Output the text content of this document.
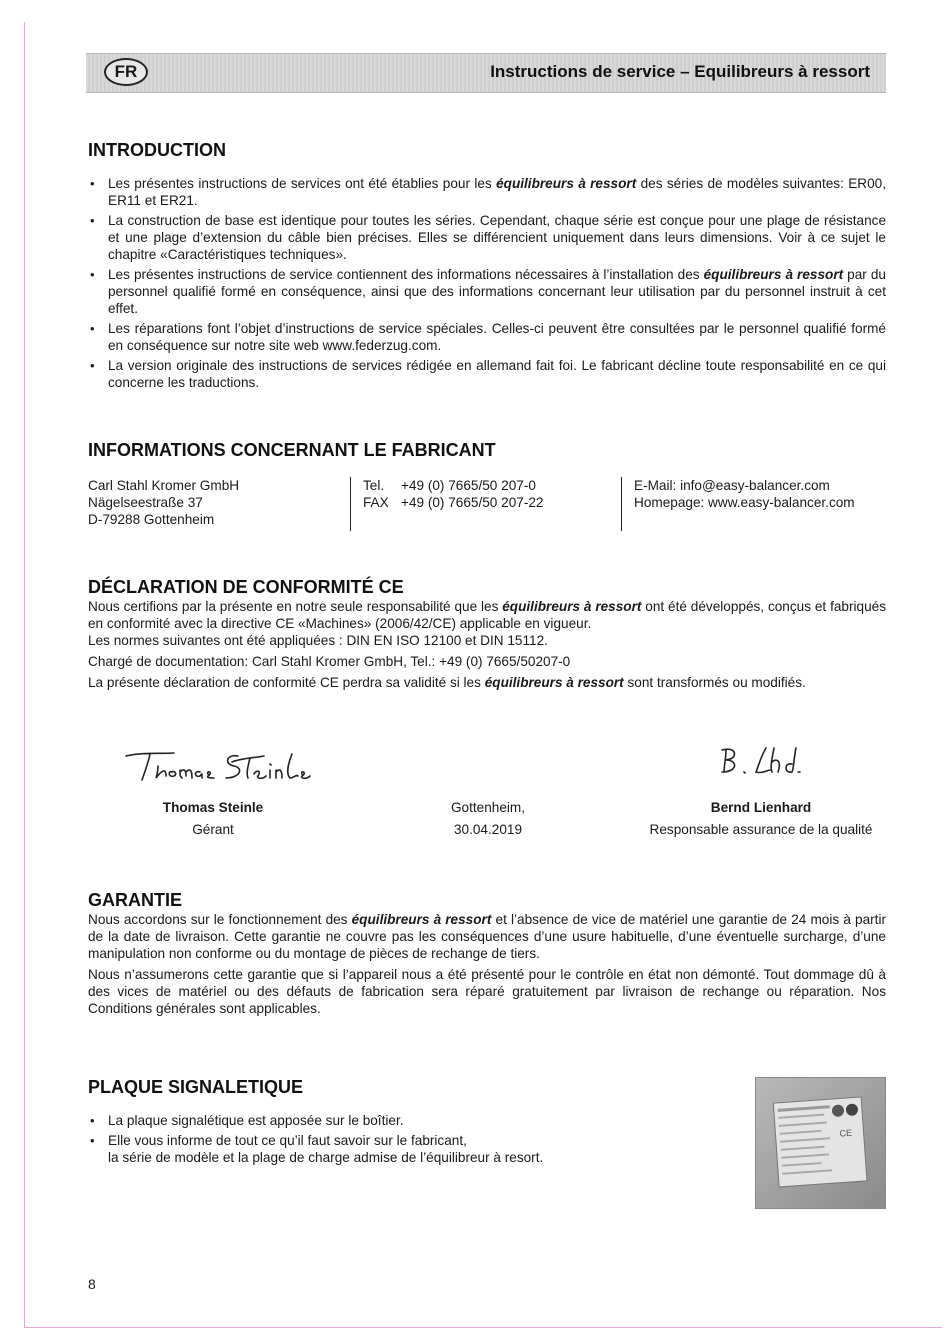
FR	Instructions de service – Equilibreurs à ressort
INTRODUCTION
• Les présentes instructions de services ont été établies pour les équilibreurs à ressort des séries de modèles suivantes: ER00, ER11 et ER21.
• La construction de base est identique pour toutes les séries. Cependant, chaque série est conçue pour une plage de résistance et une plage d’extension du câble bien précises. Elles se différencient uniquement dans leurs dimensions. Voir à ce sujet le chapitre «Caractéristiques techniques».
• Les présentes instructions de service contiennent des informations nécessaires à l’installation des équilibreurs à ressort par du personnel qualifié formé en conséquence, ainsi que des informations concernant leur utilisation par du personnel instruit à cet effet.
• Les réparations font l’objet d’instructions de service spéciales. Celles-ci peuvent être consultées par le personnel qualifié formé en conséquence sur notre site web www.federzug.com.
• La version originale des instructions de services rédigée en allemand fait foi. Le fabricant décline toute responsabilité en ce qui concerne les traductions.
INFORMATIONS CONCERNANT LE FABRICANT
Carl Stahl Kromer GmbH
Nägelseestraße 37
D-79288 Gottenheim
Tel. +49 (0) 7665/50 207-0
FAX +49 (0) 7665/50 207-22
E-Mail: info@easy-balancer.com
Homepage: www.easy-balancer.com
DÉCLARATION DE CONFORMITÉ CE

Nous certifions par la présente en notre seule responsabilité que les équilibreurs à ressort ont été développés, conçus et fabriqués en conformité avec la directive CE «Machines» (2006/42/CE) applicable en vigueur.
Les normes suivantes ont été appliquées : DIN EN ISO 12100 et DIN 15112.

Chargé de documentation: Carl Stahl Kromer GmbH, Tel.: +49 (0) 7665/50207-0

La présente déclaration de conformité CE perdra sa validité si les équilibreurs à ressort sont transformés ou modifiés.

Thomas Steinle
Gérant
Gottenheim,
30.04.2019
Bernd Lienhard
Responsable assurance de la qualité
GARANTIE

Nous accordons sur le fonctionnement des équilibreurs à ressort et l’absence de vice de matériel une garantie de 24 mois à partir de la date de livraison. Cette garantie ne couvre pas les conséquences d’une usure habituelle, d’une éventuelle surcharge, d’une manipulation non conforme ou du montage de pièces de rechange de tiers.

Nous n’assumerons cette garantie que si l’appareil nous a été présenté pour le contrôle en état non démonté. Tout dommage dû à des vices de matériel ou des défauts de fabrication sera réparé gratuitement par livraison de rechange ou réparation. Nos Conditions générales sont applicables.

PLAQUE SIGNALETIQUE
• La plaque signalétique est apposée sur le boîtier.
• Elle vous informe de tout ce qu’il faut savoir sur le fabricant,
la série de modèle et la plage de charge admise de l’équilibreur à resort.
CE
8
